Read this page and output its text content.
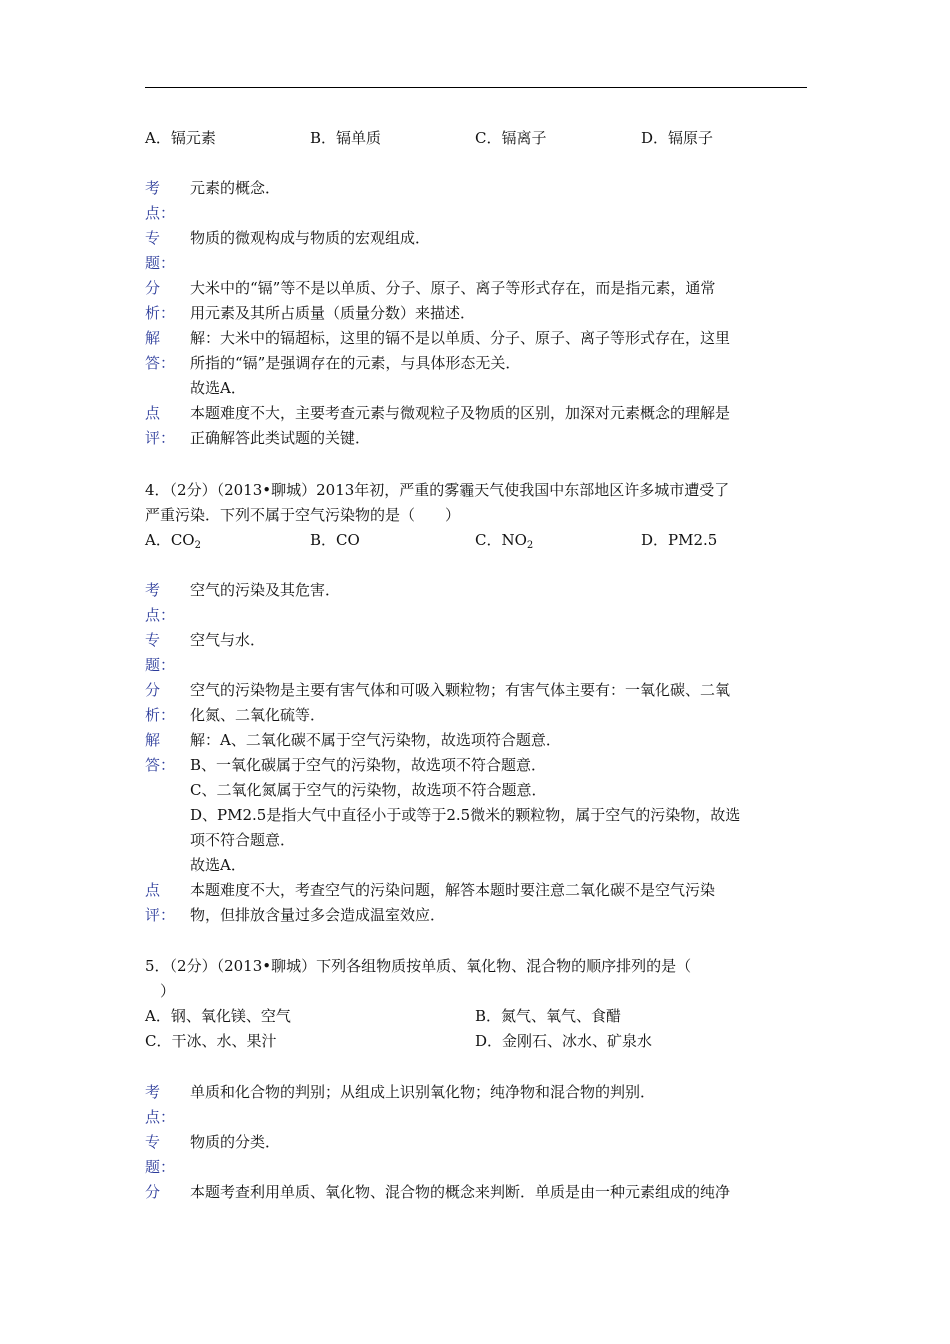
A．镉元素	B．镉单质	C．镉离子	D．镉原子
考
点：
元素的概念．
专
题：
物质的微观构成与物质的宏观组成．
分
析：
大米中的“镉”等不是以单质、分子、原子、离子等形式存在，而是指元素，通常
用元素及其所占质量（质量分数）来描述．
解
答：
解：大米中的镉超标，这里的镉不是以单质、分子、原子、离子等形式存在，这里
所指的“镉”是强调存在的元素，与具体形态无关．
故选A．
点
评：
本题难度不大，主要考查元素与微观粒子及物质的区别，加深对元素概念的理解是
正确解答此类试题的关键．
4．（2分）（2013•聊城）2013年初，严重的雾霾天气使我国中东部地区许多城市遭受了
严重污染．下列不属于空气污染物的是（　　）
A．$CO_2$	B．CO	C．$NO_2$	D．PM2.5
考
点：
空气的污染及其危害．
专
题：
空气与水．
分
析：
空气的污染物是主要有害气体和可吸入颗粒物；有害气体主要有：一氧化碳、二氧
化氮、二氧化硫等．
解
答：
解：A、二氧化碳不属于空气污染物，故选项符合题意．
B、一氧化碳属于空气的污染物，故选项不符合题意．
C、二氧化氮属于空气的污染物，故选项不符合题意．
D、PM2.5是指大气中直径小于或等于2.5微米的颗粒物，属于空气的污染物，故选
项不符合题意．
故选A．
点
评：
本题难度不大，考查空气的污染问题，解答本题时要注意二氧化碳不是空气污染
物，但排放含量过多会造成温室效应．
5．（2分）（2013•聊城）下列各组物质按单质、氧化物、混合物的顺序排列的是（
　）
A．钢、氧化镁、空气	B．氮气、氧气、食醋
C．干冰、水、果汁	D．金刚石、冰水、矿泉水
考
点：
单质和化合物的判别；从组成上识别氧化物；纯净物和混合物的判别．
专
题：
物质的分类．
分 本题考查利用单质、氧化物、混合物的概念来判断．单质是由一种元素组成的纯净
